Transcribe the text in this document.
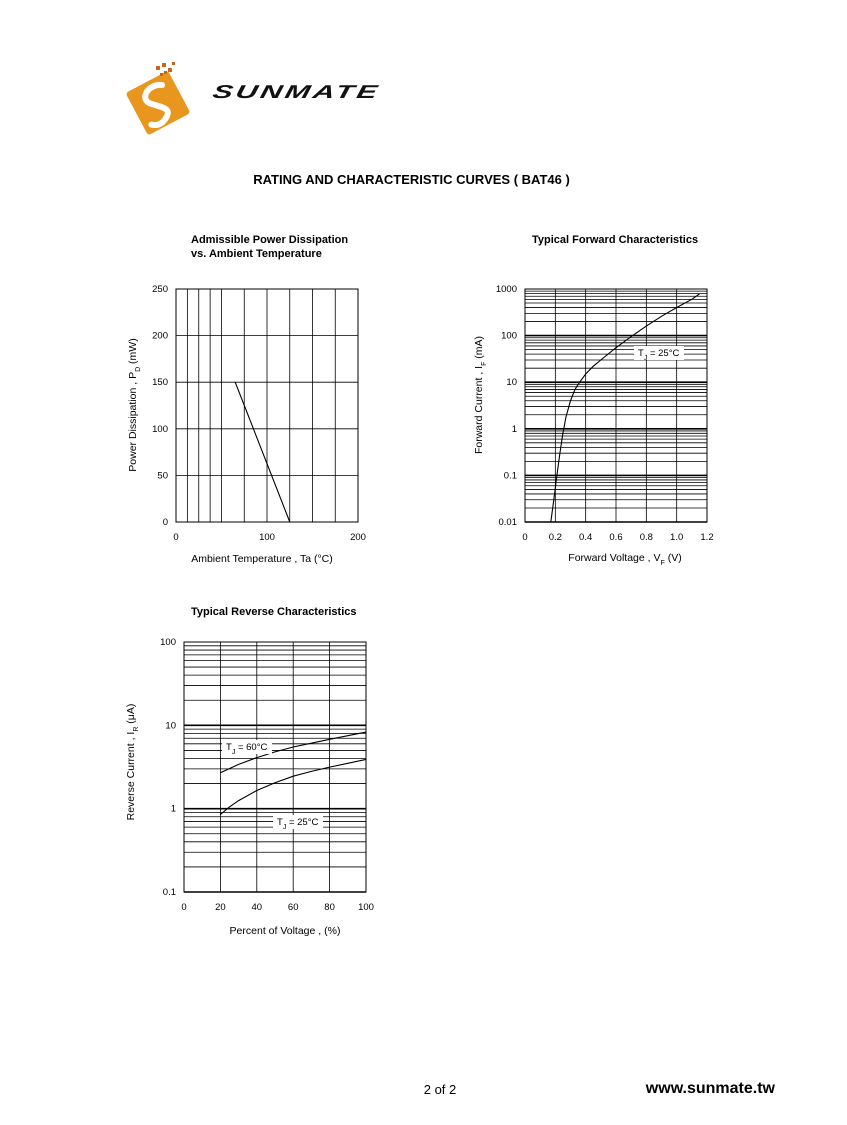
SUNMATE
RATING AND CHARACTERISTIC CURVES ( BAT46 )
Admissible Power Dissipation
vs. Ambient Temperature
Typical Forward Characteristics
Typical Reverse Characteristics
0	100	200
0
50
100
150
200
250
Ambient Temperature , Ta (°C)
Power Dissipation , $P_D$ (mW)
0 0.2 0.4 0.6 0.8 1.0 1.2
0.01
0.1
1
10
100
1000
$T_J = 25^\circ C$
Forward Voltage , $V_F$ (V)
Forward Current , $I_F$ (mA)
0	20	40	60	80 100
0.1
1
10
100
$T_J = 60^\circ C$
$T_J = 25^\circ C$
Percent of Voltage , (%)
Reverse Current , $I_R$ (μA)
2 of 2	www.sunmate.tw
